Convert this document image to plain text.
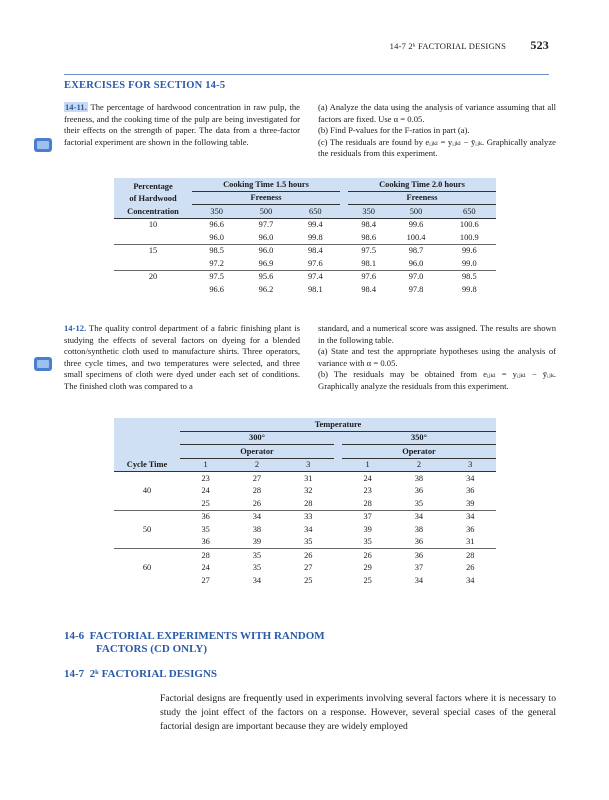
14-7 2ᵏ FACTORIAL DESIGNS 523
EXERCISES FOR SECTION 14-5
14-11. The percentage of hardwood concentration in raw pulp, the freeness, and the cooking time of the pulp are being investigated for their effects on the strength of paper. The data from a three-factor factorial experiment are shown in the following table.
(a) Analyze the data using the analysis of variance assuming that all factors are fixed. Use α = 0.05.
(b) Find P-values for the F-ratios in part (a).
(c) The residuals are found by eᵢⱼₖₗ = yᵢⱼₖₗ − ȳᵢⱼₖ. Graphically analyze the residuals from this experiment.
Percentage
of Hardwood	Cooking Time 1.5 hours				Cooking Time 2.0 hours		
	Freeness				Freeness		
Concentration	350	500	650		350	500	650
10	96.6	97.7	99.4		98.4	99.6	100.6
	96.0	96.0	99.8		98.6	100.4	100.9
15	98.5	96.0	98.4		97.5	98.7	99.6
	97.2	96.9	97.6		98.1	96.0	99.0
20	97.5	95.6	97.4		97.6	97.0	98.5
	96.6	96.2	98.1		98.4	97.8	99.8
14-12. The quality control department of a fabric finishing plant is studying the effects of several factors on dyeing for a blended cotton/synthetic cloth used to manufacture shirts. Three operators, three cycle times, and two temperatures were selected, and three small specimens of cloth were dyed under each set of conditions. The finished cloth was compared to a
standard, and a numerical score was assigned. The results are shown in the following table.
(a) State and test the appropriate hypotheses using the analysis of variance with α = 0.05.
(b) The residuals may be obtained from eᵢⱼₖₗ = yᵢⱼₖₗ − ȳᵢⱼₖ. Graphically analyze the residuals from this experiment.
	Temperature						
	300°				350°		
	Operator				Operator		
Cycle Time	1	2	3		1	2	3
	23	27	31		24	38	34
40	24	28	32		23	36	36
	25	26	28		28	35	39
	36	34	33		37	34	34
50	35	38	34		39	38	36
	36	39	35		35	36	31
	28	35	26		26	36	28
60	24	35	27		29	37	26
	27	34	25		25	34	34
14-6 FACTORIAL EXPERIMENTS WITH RANDOM
FACTORS (CD ONLY)
14-7 2ᵏ FACTORIAL DESIGNS
Factorial designs are frequently used in experiments involving several factors where it is necessary to study the joint effect of the factors on a response. However, several special cases of the general factorial design are important because they are widely employed
